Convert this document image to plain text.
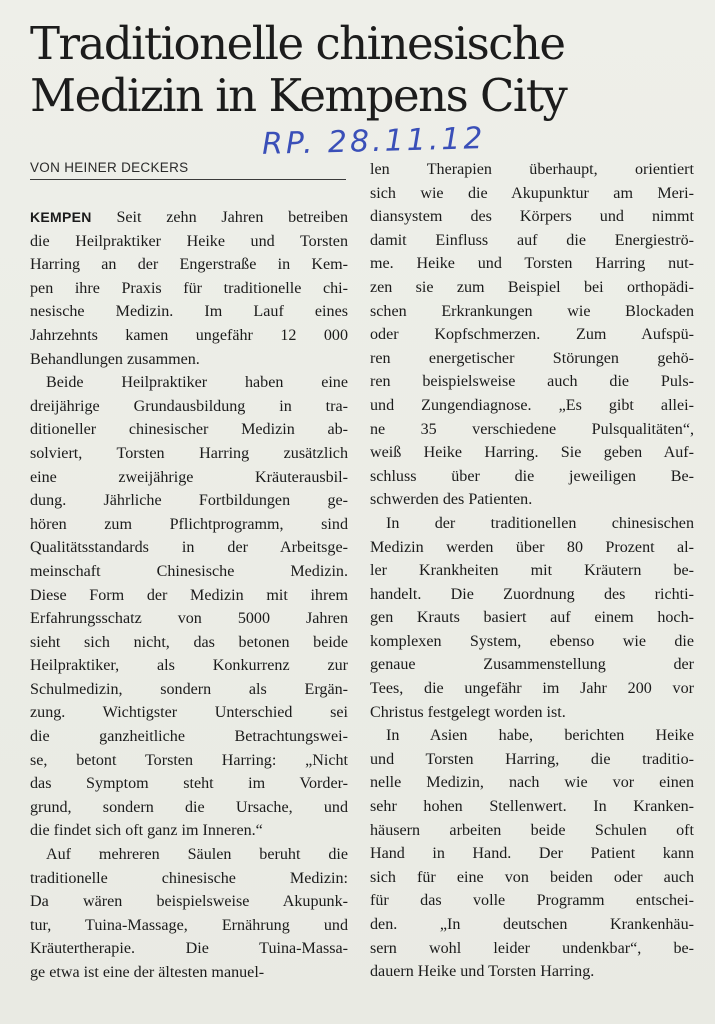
Traditionelle chinesische
Medizin in Kempens City
RP. 28.11.12
VON HEINER DECKERS

KEMPEN Seit zehn Jahren betreiben
die Heilpraktiker Heike und Torsten
Harring an der Engerstraße in Kem-
pen ihre Praxis für traditionelle chi-
nesische Medizin. Im Lauf eines
Jahrzehnts kamen ungefähr 12 000
Behandlungen zusammen.

Beide Heilpraktiker haben eine
dreijährige Grundausbildung in tra-
ditioneller chinesischer Medizin ab-
solviert, Torsten Harring zusätzlich
eine zweijährige Kräuterausbil-
dung. Jährliche Fortbildungen ge-
hören zum Pflichtprogramm, sind
Qualitätsstandards in der Arbeitsge-
meinschaft Chinesische Medizin.
Diese Form der Medizin mit ihrem
Erfahrungsschatz von 5000 Jahren
sieht sich nicht, das betonen beide
Heilpraktiker, als Konkurrenz zur
Schulmedizin, sondern als Ergän-
zung. Wichtigster Unterschied sei
die ganzheitliche Betrachtungswei-
se, betont Torsten Harring: „Nicht
das Symptom steht im Vorder-
grund, sondern die Ursache, und
die findet sich oft ganz im Inneren.“

Auf mehreren Säulen beruht die
traditionelle chinesische Medizin:
Da wären beispielsweise Akupunk-
tur, Tuina-Massage, Ernährung und
Kräutertherapie. Die Tuina-Massa-
ge etwa ist eine der ältesten manuel-

len Therapien überhaupt, orientiert
sich wie die Akupunktur am Meri-
diansystem des Körpers und nimmt
damit Einfluss auf die Energieströ-
me. Heike und Torsten Harring nut-
zen sie zum Beispiel bei orthopädi-
schen Erkrankungen wie Blockaden
oder Kopfschmerzen. Zum Aufspü-
ren energetischer Störungen gehö-
ren beispielsweise auch die Puls-
und Zungendiagnose. „Es gibt allei-
ne 35 verschiedene Pulsqualitäten“,
weiß Heike Harring. Sie geben Auf-
schluss über die jeweiligen Be-
schwerden des Patienten.

In der traditionellen chinesischen
Medizin werden über 80 Prozent al-
ler Krankheiten mit Kräutern be-
handelt. Die Zuordnung des richti-
gen Krauts basiert auf einem hoch-
komplexen System, ebenso wie die
genaue Zusammenstellung der
Tees, die ungefähr im Jahr 200 vor
Christus festgelegt worden ist.

In Asien habe, berichten Heike
und Torsten Harring, die traditio-
nelle Medizin, nach wie vor einen
sehr hohen Stellenwert. In Kranken-
häusern arbeiten beide Schulen oft
Hand in Hand. Der Patient kann
sich für eine von beiden oder auch
für das volle Programm entschei-
den. „In deutschen Krankenhäu-
sern wohl leider undenkbar“, be-
dauern Heike und Torsten Harring.
